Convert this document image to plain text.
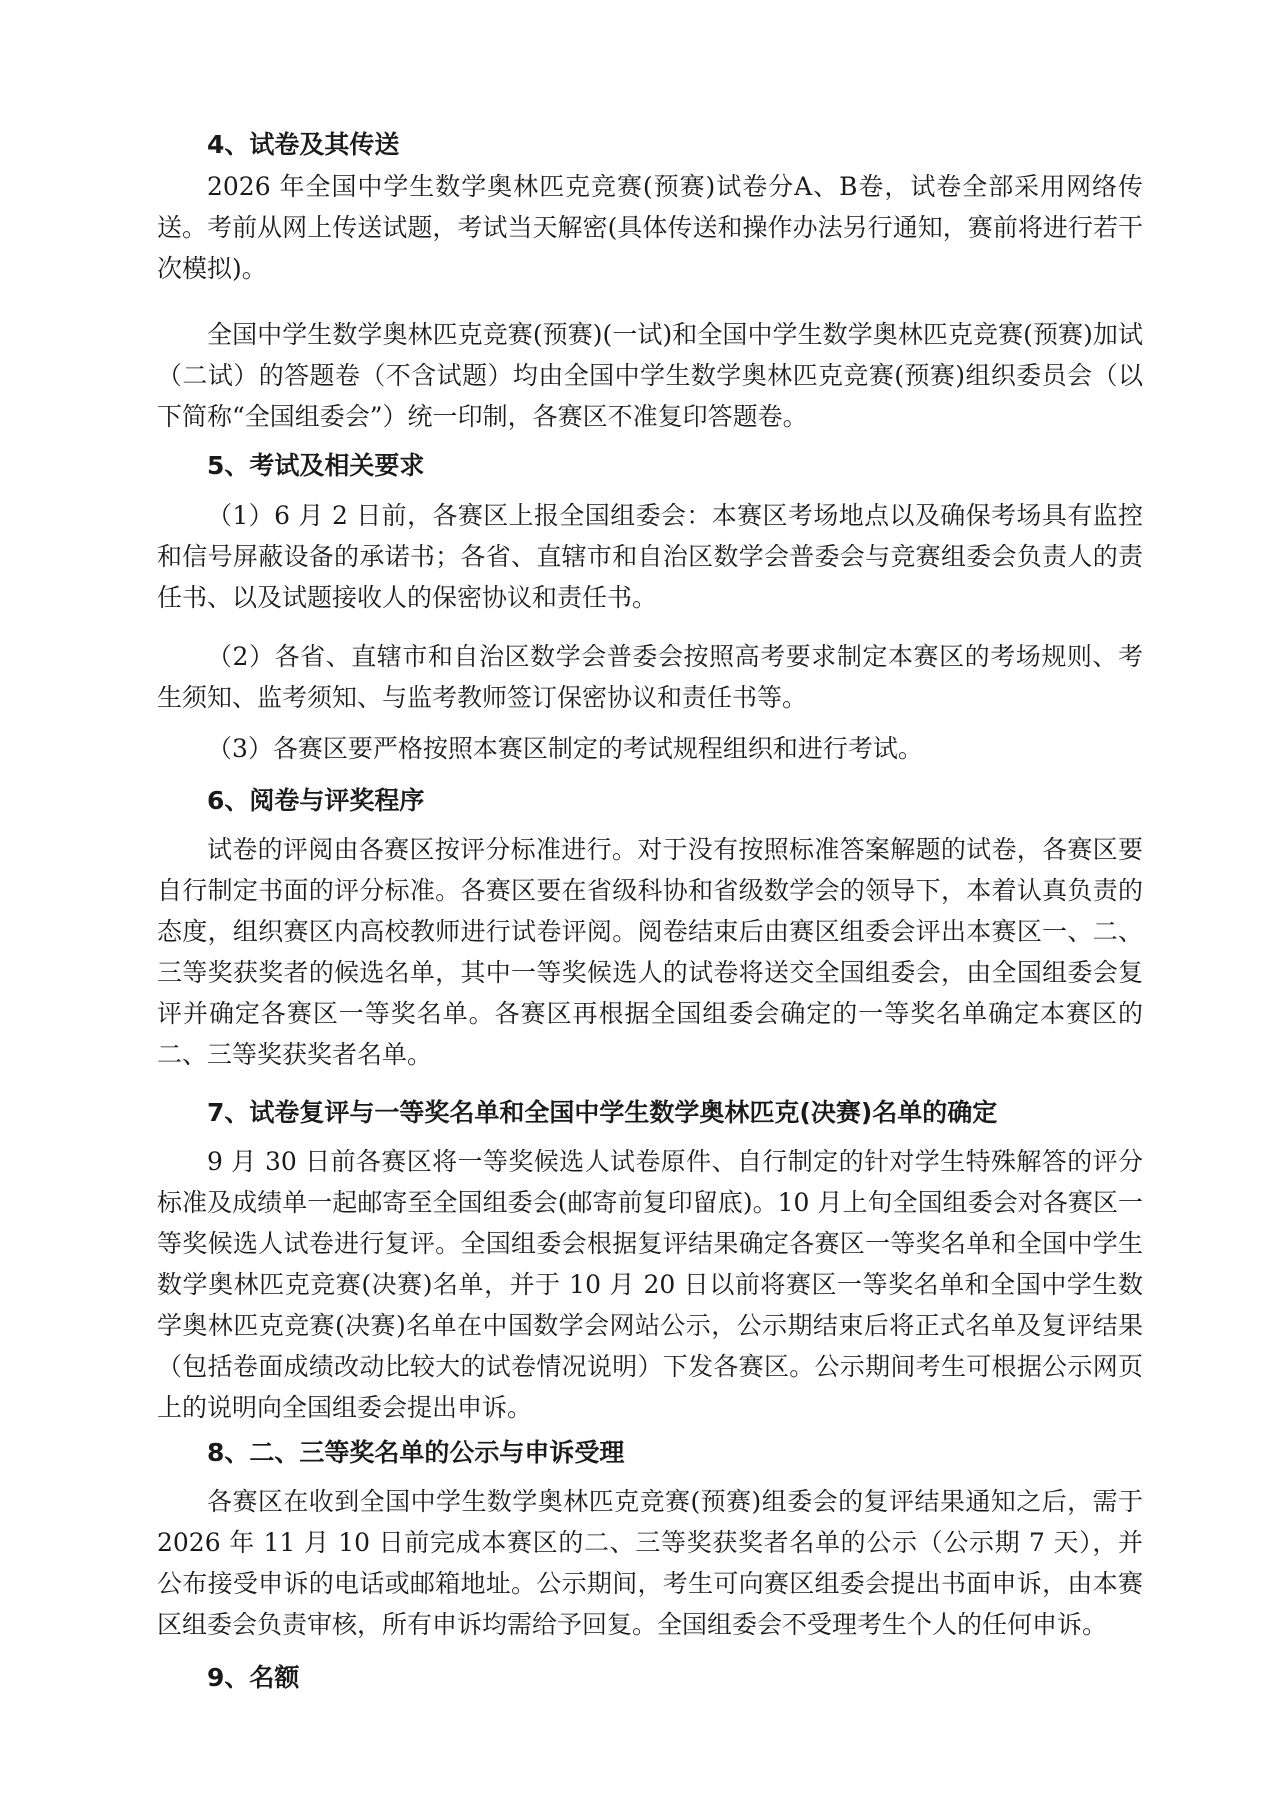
4、试卷及其传送
2026 年全国中学生数学奥林匹克竞赛(预赛)试卷分A、B卷，试卷全部采用网络传送。考前从网上传送试题，考试当天解密(具体传送和操作办法另行通知，赛前将进行若干次模拟)。
全国中学生数学奥林匹克竞赛(预赛)(一试)和全国中学生数学奥林匹克竞赛(预赛)加试（二试）的答题卷（不含试题）均由全国中学生数学奥林匹克竞赛(预赛)组织委员会（以下简称“全国组委会”）统一印制，各赛区不准复印答题卷。
5、考试及相关要求
（1）6 月 2 日前，各赛区上报全国组委会：本赛区考场地点以及确保考场具有监控和信号屏蔽设备的承诺书；各省、直辖市和自治区数学会普委会与竞赛组委会负责人的责任书、以及试题接收人的保密协议和责任书。
（2）各省、直辖市和自治区数学会普委会按照高考要求制定本赛区的考场规则、考生须知、监考须知、与监考教师签订保密协议和责任书等。
（3）各赛区要严格按照本赛区制定的考试规程组织和进行考试。
6、阅卷与评奖程序
试卷的评阅由各赛区按评分标准进行。对于没有按照标准答案解题的试卷，各赛区要自行制定书面的评分标准。各赛区要在省级科协和省级数学会的领导下，本着认真负责的态度，组织赛区内高校教师进行试卷评阅。阅卷结束后由赛区组委会评出本赛区一、二、三等奖获奖者的候选名单，其中一等奖候选人的试卷将送交全国组委会，由全国组委会复评并确定各赛区一等奖名单。各赛区再根据全国组委会确定的一等奖名单确定本赛区的二、三等奖获奖者名单。
7、试卷复评与一等奖名单和全国中学生数学奥林匹克(决赛)名单的确定
9 月 30 日前各赛区将一等奖候选人试卷原件、自行制定的针对学生特殊解答的评分标准及成绩单一起邮寄至全国组委会(邮寄前复印留底)。10 月上旬全国组委会对各赛区一等奖候选人试卷进行复评。全国组委会根据复评结果确定各赛区一等奖名单和全国中学生数学奥林匹克竞赛(决赛)名单，并于 10 月 20 日以前将赛区一等奖名单和全国中学生数学奥林匹克竞赛(决赛)名单在中国数学会网站公示，公示期结束后将正式名单及复评结果（包括卷面成绩改动比较大的试卷情况说明）下发各赛区。公示期间考生可根据公示网页上的说明向全国组委会提出申诉。
8、二、三等奖名单的公示与申诉受理
各赛区在收到全国中学生数学奥林匹克竞赛(预赛)组委会的复评结果通知之后，需于 2026 年 11 月 10 日前完成本赛区的二、三等奖获奖者名单的公示（公示期 7 天），并公布接受申诉的电话或邮箱地址。公示期间，考生可向赛区组委会提出书面申诉，由本赛区组委会负责审核，所有申诉均需给予回复。全国组委会不受理考生个人的任何申诉。
9、名额
